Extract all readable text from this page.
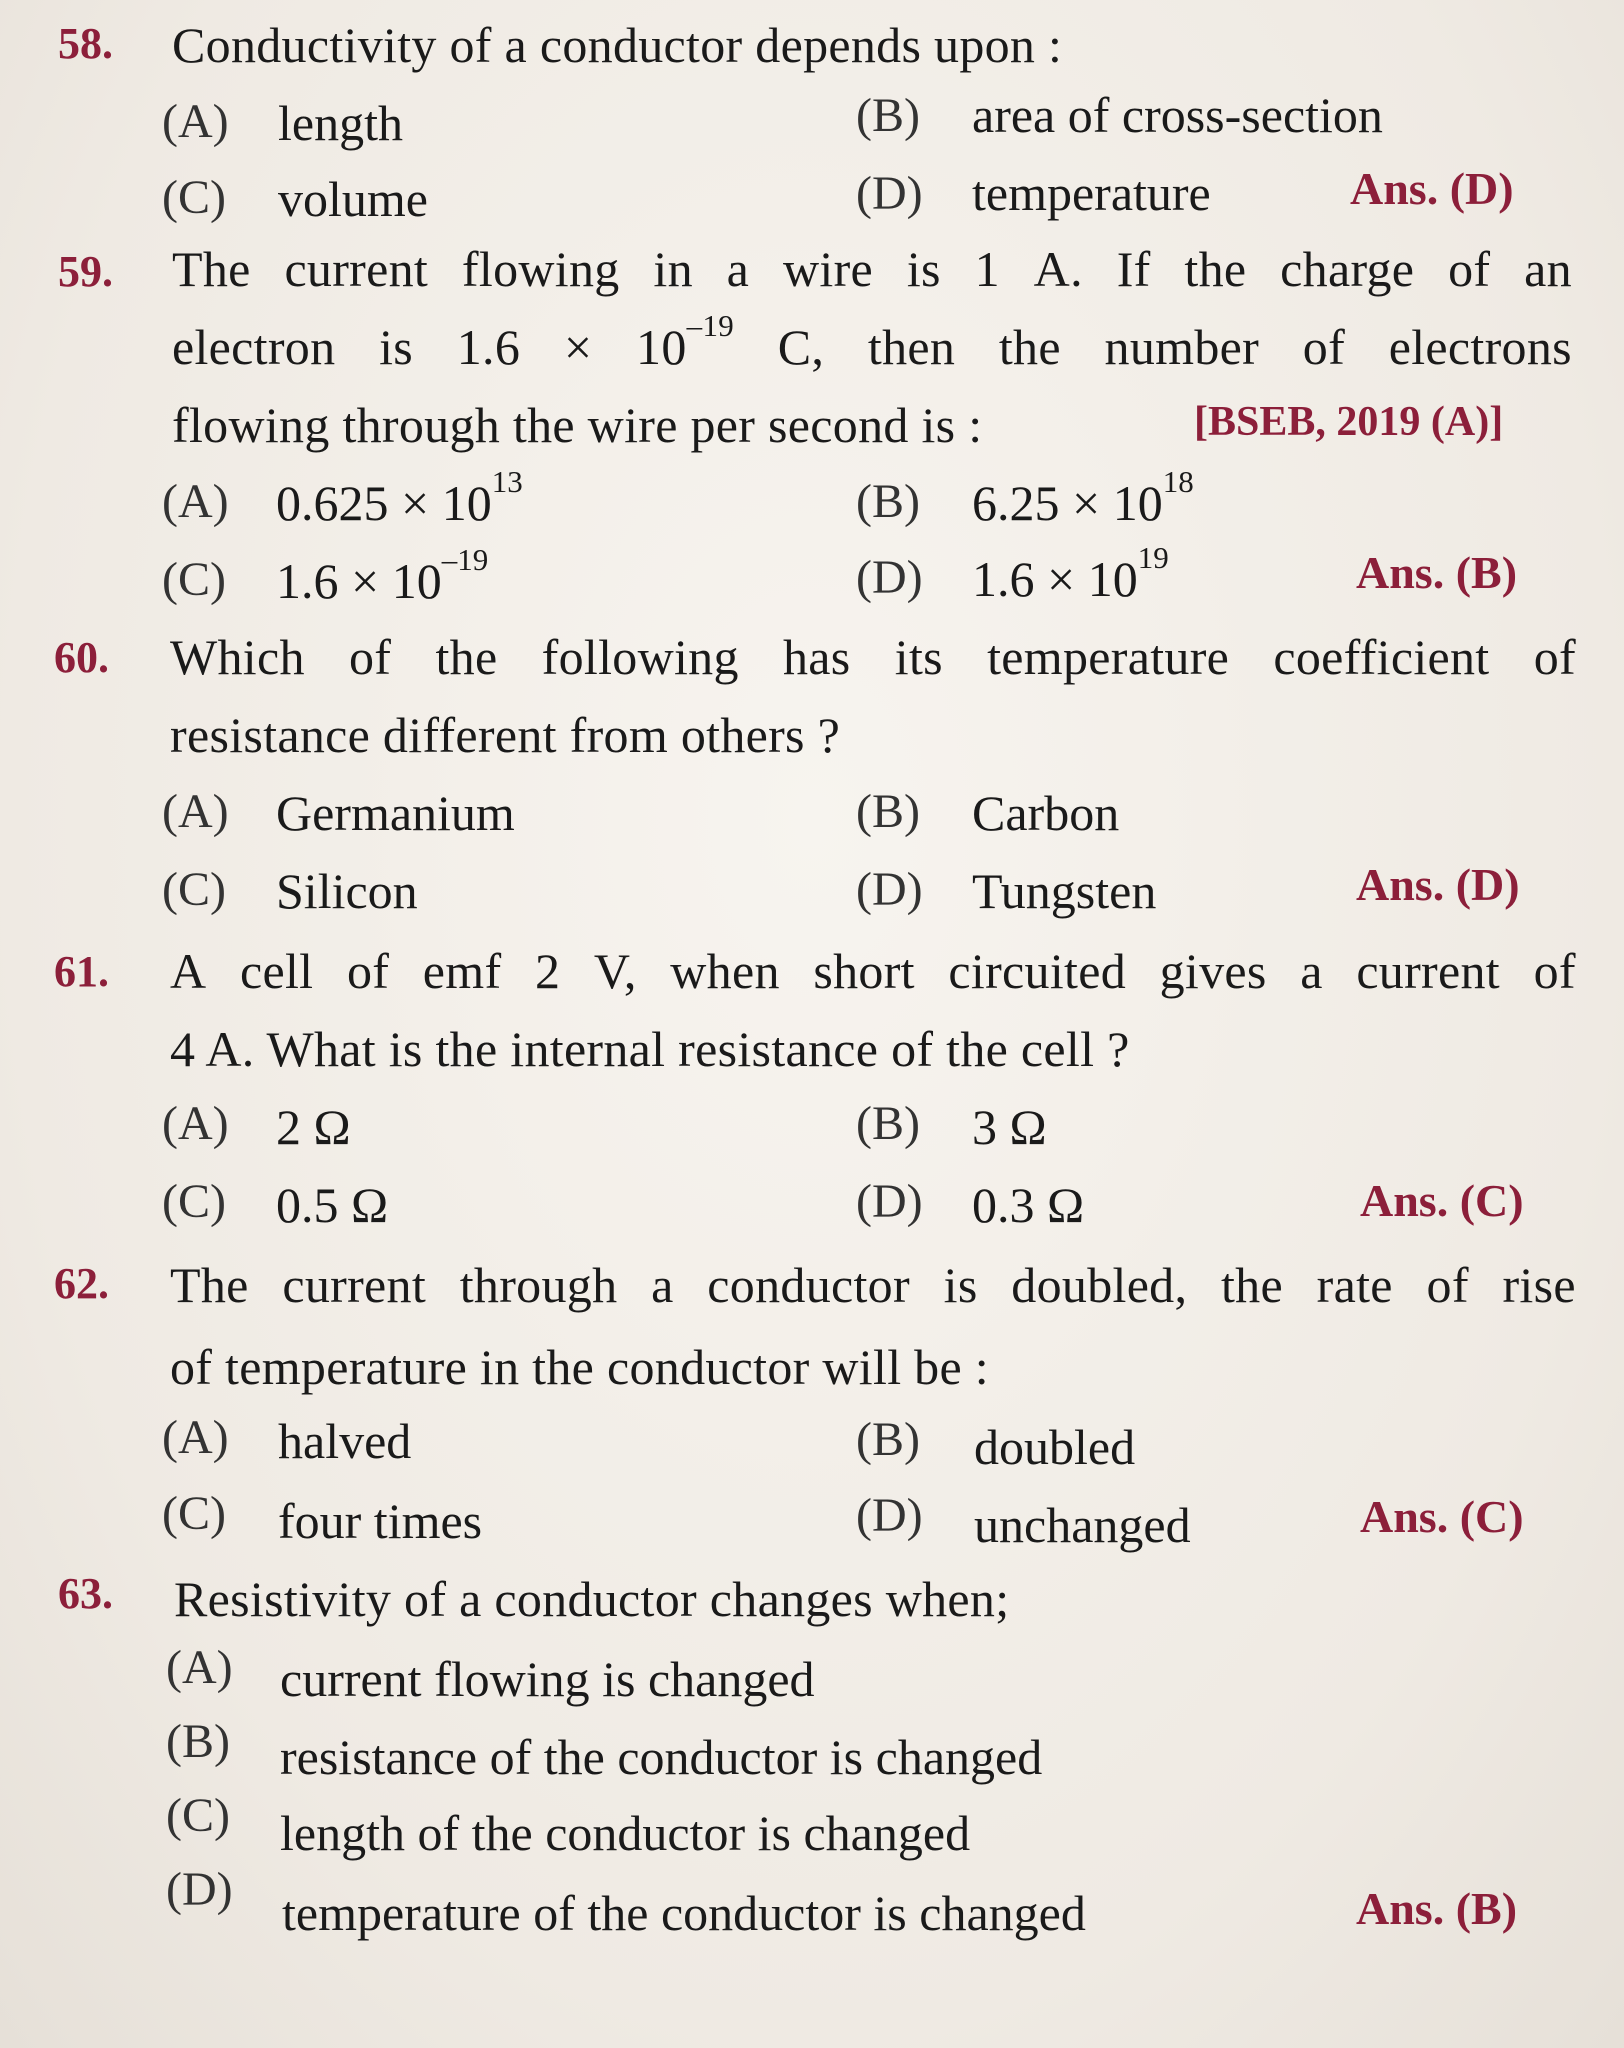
58. Conductivity of a conductor depends upon :
(A) length	(B) area of cross-section
(C) volume	(D) temperature	Ans. (D)
59. The current flowing in a wire is 1 A. If the charge of an
electron is $1.6 \times 10^{-19}$ C, then the number of electrons
flowing through the wire per second is :	[BSEB, 2019 (A)]
(A) $0.625 \times 10^{13}$	(B) $6.25 \times 10^{18}$
(C) $1.6 \times 10^{-19}$	(D) $1.6 \times 10^{19}$	Ans. (B)
60. Which of the following has its temperature coefficient of
resistance different from others ?
(A) Germanium	(B) Carbon
(C) Silicon	(D) Tungsten	Ans. (D)
61. A cell of emf 2 V, when short circuited gives a current of
4 A. What is the internal resistance of the cell ?
(A) 2 Ω	(B) 3 Ω
(C) 0.5 Ω	(D) 0.3 Ω	Ans. (C)
62. The current through a conductor is doubled, the rate of rise
of temperature in the conductor will be :
(A) halved	(B) doubled
(C) four times	(D) unchanged	Ans. (C)
63. Resistivity of a conductor changes when;
(A) current flowing is changed
(B) resistance of the conductor is changed
(C) length of the conductor is changed
(D) temperature of the conductor is changed	Ans. (B)
